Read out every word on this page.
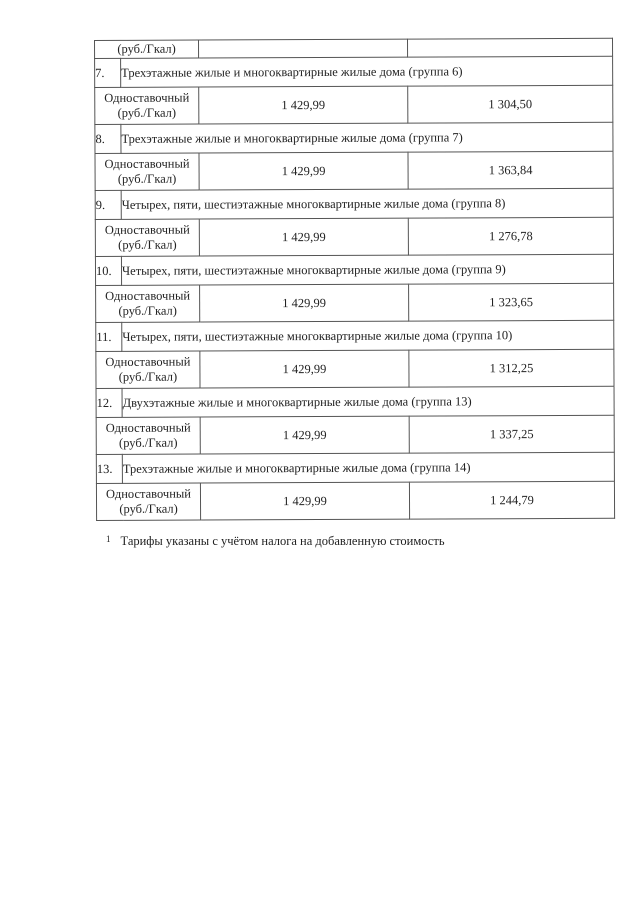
(руб./Гкал)			
7.	Трехэтажные жилые и многоквартирные жилые дома (группа 6)		

Одноставочный
(руб./Гкал)		1 429,99	1 304,50
8.	Трехэтажные жилые и многоквартирные жилые дома (группа 7)		

Одноставочный
(руб./Гкал)		1 429,99	1 363,84
9.	Четырех, пяти, шестиэтажные многоквартирные жилые дома (группа 8)		

Одноставочный
(руб./Гкал)		1 429,99	1 276,78
10.	Четырех, пяти, шестиэтажные многоквартирные жилые дома (группа 9)		

Одноставочный
(руб./Гкал)		1 429,99	1 323,65
11.	Четырех, пяти, шестиэтажные многоквартирные жилые дома (группа 10)		

Одноставочный
(руб./Гкал)		1 429,99	1 312,25
12.	Двухэтажные жилые и многоквартирные жилые дома (группа 13)		

Одноставочный
(руб./Гкал)		1 429,99	1 337,25
13.	Трехэтажные жилые и многоквартирные жилые дома (группа 14)		

Одноставочный
(руб./Гкал)		1 429,99	1 244,79
$^1$ Тарифы указаны с учётом налога на добавленную стоимость
